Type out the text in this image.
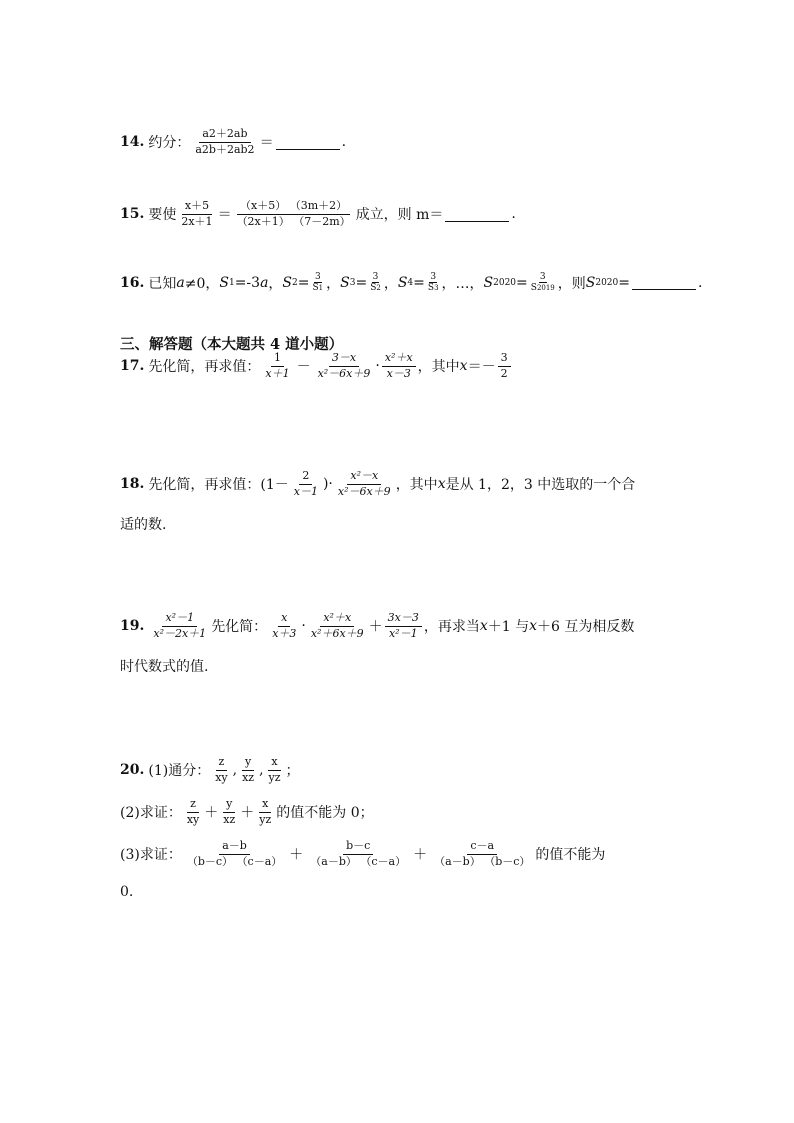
14. 约分： $\frac{a2+2ab}{a2b+2ab2}$ ＝	.
15. 要使 $\frac{x+5}{2x+1} = \frac{(x+5) (3m+2)}{(2x+1) (7-2m)}$ 成立，则 m＝	.
16. 已知 a ≠0， S 1 =-3 a ， S $2 = \frac{3}{S1}$ ， S $3 = \frac{3}{S2}$ ， S $4 = \frac{3}{S3}$ ，…， S $2020 = \frac{3}{S2019}$ ，则 S 2020 =	.
三、解答题（本大题共 4 道小题）
17. 先化简，再求值： $\frac{1}{x+1} - \frac{3-x}{\text{x²－6x＋9}} \cdot \frac{\text{x²＋x}}{x-3}$ ，其中 $x =- \frac{3}{2}$
18. 先化简，再求值： ($1- \frac{2}{x-1}$ )· $\frac{\text{x²－x}}{\text{x²－6x＋9}}$ ，其中 x 是从 1，2，3 中选取的一个合
适的数.
19. $\frac{\text{x²－1}}{\text{x²－2x＋1}}$ 先化简： $\frac{x}{x+3} \cdot \frac{\text{x²＋x}}{\text{x²＋6x＋9}} + \frac{3x-3}{\text{x²－1}}$ ，再求当 x ＋1 与 x ＋6 互为相反数
时代数式的值.
20. (1)通分： $\frac{z}{xy}$ , $\frac{y}{xz}$ , $\frac{x}{yz}$ ；
(2)求证： $\frac{z}{xy} + \frac{y}{xz} + \frac{x}{yz}$ 的值不能为 0；
(3)求证： $\frac{a-b}{(b-c) (c-a)} + \frac{b-c}{(a-b) (c-a)} + \frac{c-a}{(a-b) (b-c)}$ 的值不能为
0.
